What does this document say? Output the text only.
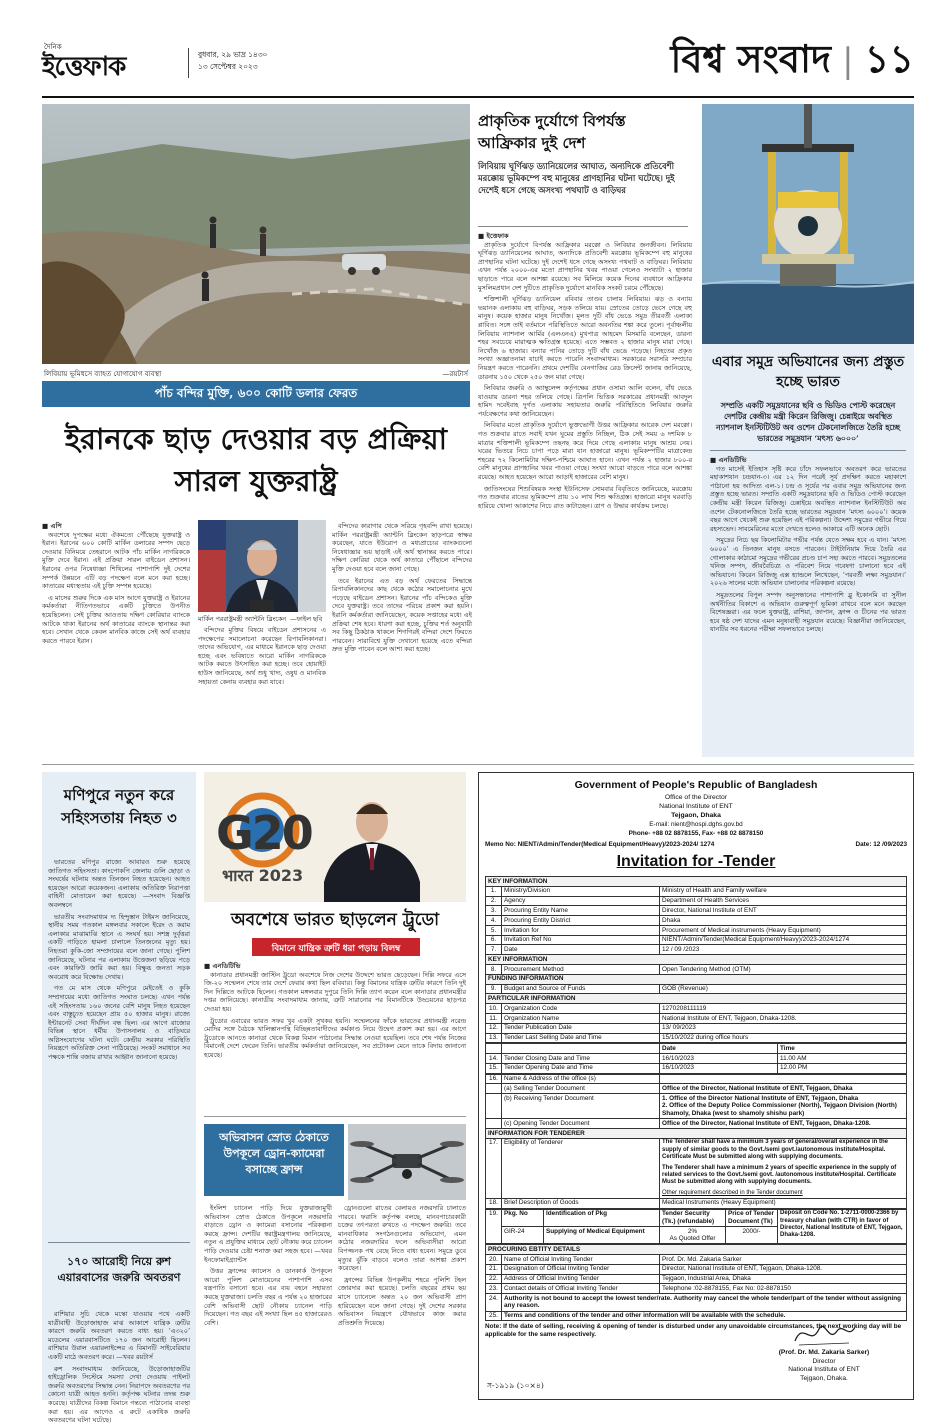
দৈনিক
ইত্তেফাক	বুধবার, ২৯ ভাদ্র ১৪৩০
১৩ সেপ্টেম্বর ২০২৩	বিশ্ব সংবাদ | ১১
লিবিয়ায় ভূমিধসে ব্যাহত যোগাযোগ ব্যবস্থা	—রয়টার্স
প্রাকৃতিক দুর্যোগে বিপর্যস্ত আফ্রিকার দুই দেশ
লিবিয়ায় ঘূর্ণিঝড় ড্যানিয়েলের আঘাত, অন্যদিকে প্রতিবেশী মরক্কোয় ভূমিকম্পে বহু মানুষের প্রাণহানির ঘটনা ঘটেছে। দুই দেশেই ধসে গেছে অসংখ্য পথঘাট ও বাড়িঘর
■ ইত্তেফাক

প্রাকৃতিক দুর্যোগে বিপর্যস্ত আফ্রিকার মরক্কো ও লিবিয়ার জনজীবন। লিবিয়ায় ঘূর্ণিঝড় ড্যানিয়েলের আঘাত, অন্যদিকে প্রতিবেশী মরক্কোয় ভূমিকম্পে বহু মানুষের প্রাণহানির ঘটনা ঘটেছে। দুই দেশেই ধসে গেছে অসংখ্য পথঘাট ও বাড়িঘর। লিবিয়ায় এখন পর্যন্ত ২০০০-এর মতো প্রাণহানির খবর পাওয়া গেলেও সংখ্যাটা ২ হাজার ছাড়াতে পারে বলে আশঙ্কা রয়েছে। সব মিলিয়ে কয়েক দিনের ব্যবধানে আফ্রিকার মুসলিমপ্রধান দেশ দুটিতে প্রাকৃতিক দুর্যোগে মানবিক সংকট চরমে পৌঁছেছে।

শক্তিশালী ঘূর্ণিঝড় ড্যানিয়েল রবিবার তাণ্ডব চালায় লিবিয়ায়। ঝড় ও বন্যায় ভয়ানক এলাকায় বহু বাড়িঘর, সড়ক তলিয়ে যায়। স্রোতের তোড়ে ভেসে গেছে বহু মানুষ। কয়েক হাজার মানুষ নিখোঁজ। মূলত দুটি বাঁধ ভেঙে সমুদ্র তীরবর্তী এলাকা প্লাবিত। সঙ্গে তাই বর্তমানে পরিস্থিতিতে আরো অবনতির শঙ্কা করে তুলে। পূর্বাঞ্চলীয় লিবিয়ায় ন্যাশনাল আর্মির (এলএনএ) মুখপাত্র আহমেদ মিসমারি বলেছেন, ডারনা শহর সবচেয়ে মারাত্মক ক্ষতিগ্রস্ত হয়েছে। এতে সম্ভবত ২ হাজার মানুষ মারা গেছে। নিখোঁজ ৬ হাজার। বন্যার পানির তোড়ে দুটি বাঁধ ভেঙে পড়েছে। নিহতের প্রকৃত সংখ্যা অজ্ঞাতনামা যাচাই করতে পারেনি সংবাদমাধ্যম। সরকারের সরাসরি সম্প্রচার নিয়ন্ত্রণ করতে পারেননি। প্রথমে দেশটির বেনগাজির রেড ক্রিসেন্ট জানায় জানিয়েছে, ডারনায় ১৫০ থেকে ২৫০ জন মারা গেছে।

লিবিয়ার জরুরি ও অ্যাম্বুলেন্স কর্তৃপক্ষের প্রধান ওসামা আলি বলেন, বাঁধ ভেঙে যাওয়ায় ডারনা শহর তলিয়ে গেছে। ত্রিপলি ভিত্তিক সরকারের প্রধানমন্ত্রী আবদুল হামিদ দবেইবাহ দুর্গত এলাকায় সহায়তার জরুরি পরিস্থিতিতে লিবিয়ার জরুরি পর্যবেক্ষণের কথা জানিয়েছেন।

লিবিয়ার মতো প্রাকৃতিক দুর্যোগে ভুক্তভোগী উত্তর আফ্রিকার আরেক দেশ মরক্কো। গত শুক্রবার রাতে সবাই যখন ঘুমের প্রস্তুতি নিচ্ছিল, ঠিক সেই সময় ৬ দশমিক ৮ মাত্রার শক্তিশালী ভূমিকম্পে তছনছ করে দিয়ে গেছে এলাকায় মানুষ আশ্রয় নেয়। ঘরের ভিতরে নিচে চাপা পড়ে মারা যান হাজারো মানুষ। ভূমিকম্পটির মাত্রাকেন্দ্র শহরের ৭২ কিলোমিটার দক্ষিণ-পশ্চিমে আঘাত হানে। এখন পর্যন্ত ২ হাজার ৮০০-র বেশি মানুষের প্রাণহানির খবর পাওয়া গেছে। সংখ্যা আরো বাড়তে পারে বলে আশঙ্কা রয়েছে। আহত হয়েছেন আরো আড়াই হাজারের বেশি মানুষ।

জাতিসংঘের শিশুবিষয়ক সংস্থা ইউনিসেফ সোমবার বিবৃতিতে জানিয়েছে, মরক্কোয় গত শুক্রবার রাতের ভূমিকম্পে প্রায় ১০ লাখ শিশু ক্ষতিগ্রস্ত। হাজারো মানুষ ঘরবাড়ি হারিয়ে খোলা আকাশের নিচে রাত কাটাচ্ছেন। ত্রাণ ও উদ্ধার কার্যক্রম চলছে।

এবার সমুদ্র অভিযানের জন্য প্রস্তুত হচ্ছে ভারত
সম্প্রতি একটি সমুদ্রযানের ছবি ও ভিডিও পোস্ট করেছেন দেশটির কেন্দ্রীয় মন্ত্রী কিরেন রিজিজু। চেন্নাইয়ে অবস্থিত ন্যাশনাল ইনস্টিটিউট অব ওশেন টেকনোলজিতে তৈরি হচ্ছে ভারতের সমুদ্রযান ‘মৎস্য ৬০০০’
■ এনডিটিভি

গত মাসেই ইতিহাস সৃষ্টি করে চাঁদে সফলভাবে অবতরণ করে ভারতের মহাকাশযান চন্দ্রযান-৩। এর ১২ দিন পরেই সূর্য প্রদক্ষিণ করতে মহাকাশে পাঠানো হয় আদিত্য এল-১। চন্দ্র ও সূর্যের পর এবার সমুদ্র অভিযানের জন্য প্রস্তুত হচ্ছে ভারত। সম্প্রতি একটি সমুদ্রযানের ছবি ও ভিডিও পোস্ট করেছেন কেন্দ্রীয় মন্ত্রী কিরেন রিজিজু। চেন্নাইয়ে অবস্থিত ন্যাশনাল ইনস্টিটিউট অব ওশেন টেকনোলজিতে তৈরি হচ্ছে ভারতের সমুদ্রযান ‘মৎস্য ৬০০০’। কয়েক বছর আগে থেকেই শুরু হয়েছিল এই পরিকল্পনা। উদ্দেশ্য সমুদ্রের গভীরে গিয়ে রহস্যভেদ। সাবমেরিনের মতো দেখতে হলেও আকারে এটি অনেক ছোট।

সমুদ্রের নিচে ছয় কিলোমিটার গভীর পর্যন্ত যেতে সক্ষম হবে এ যান। ‘মৎস্য ৬০০০’ এ তিনজন মানুষ বসতে পারবেন। টাইটানিয়াম দিয়ে তৈরি এর গোলাকার কাঠামো সমুদ্রের গভীরের প্রচণ্ড চাপ সহ্য করতে পারবে। সমুদ্রতলের খনিজ সম্পদ, জীববৈচিত্র্য ও পরিবেশ নিয়ে গবেষণা চালানো হবে এই অভিযানে। কিরেন রিজিজু এক্স হ্যান্ডলে লিখেছেন, ‘পরবর্তী লক্ষ্য সমুদ্রযান।’ ২০২৬ সালের মধ্যে অভিযান চালানোর পরিকল্পনা রয়েছে।

সমুদ্রতলের বিপুল সম্পদ অনুসন্ধানের পাশাপাশি ব্লু ইকোনমি বা সুনীল অর্থনীতির বিকাশে এ অভিযান গুরুত্বপূর্ণ ভূমিকা রাখবে বলে মনে করছেন বিশেষজ্ঞরা। এর ফলে যুক্তরাষ্ট্র, রাশিয়া, জাপান, ফ্রান্স ও চীনের পর ভারত হবে ষষ্ঠ দেশ যাদের এমন মনুষ্যবাহী সমুদ্রযান রয়েছে। বিজ্ঞানীরা জানিয়েছেন, যানটির সব ধরনের পরীক্ষা সফলভাবে চলছে।

পাঁচ বন্দির মুক্তি, ৬০০ কোটি ডলার ফেরত
ইরানকে ছাড় দেওয়ার বড় প্রক্রিয়া সারল যুক্তরাষ্ট্র
■ এপি

অবশেষে দুপক্ষের মধ্যে ঐকমত্যে পৌঁছেছে যুক্তরাষ্ট্র ও ইরান। ইরানের ৬০০ কোটি মার্কিন ডলারের সম্পদ ছেড়ে দেওয়ার বিনিময়ে তেহরানে আটক পাঁচ মার্কিন নাগরিককে মুক্তি দেবে ইরান। এই প্রক্রিয়া সারল বাইডেন প্রশাসন। ইরানের ওপর নিষেধাজ্ঞা শিথিলের পাশাপাশি দুই দেশের সম্পর্ক উন্নয়নে এটি বড় পদক্ষেপ বলে মনে করা হচ্ছে। কাতারের মধ্যস্থতায় এই চুক্তি সম্পন্ন হয়েছে।

এ মাসের শুরুর দিকে এক মাস আগে যুক্তরাষ্ট্র ও ইরানের কর্মকর্তারা নীতিগতভাবে একটি চুক্তিতে উপনীত হয়েছিলেন। সেই চুক্তির আওতায় দক্ষিণ কোরিয়ার ব্যাংকে আটকে থাকা ইরানের অর্থ কাতারের ব্যাংকে স্থানান্তর করা হবে। সেখান থেকে কেবল মানবিক কাজে সেই অর্থ ব্যবহার করতে পারবে ইরান।

মার্কিন পররাষ্ট্রমন্ত্রী অ্যান্টনি ব্লিংকেন —ফাইল ছবি

বন্দিদের মুক্তির বিষয়ে বাইডেন প্রশাসনের এ পদক্ষেপের সমালোচনা করেছেন রিপাবলিকানরা। তাদের অভিযোগ, এর মাধ্যমে ইরানকে ছাড় দেওয়া হচ্ছে এবং ভবিষ্যতে আরো মার্কিন নাগরিককে আটক করতে উৎসাহিত করা হচ্ছে। তবে হোয়াইট হাউস জানিয়েছে, অর্থ শুধু খাদ্য, ওষুধ ও মানবিক সহায়তা কেনায় ব্যবহার করা যাবে।

বন্দিদের কারাগার থেকে সরিয়ে গৃহবন্দি রাখা হয়েছে। মার্কিন পররাষ্ট্রমন্ত্রী অ্যান্টনি ব্লিংকেন ছাড়পত্রে স্বাক্ষর করেছেন, যাতে ইউরোপ ও মধ্যপ্রাচ্যের ব্যাংকগুলো নিষেধাজ্ঞার ভয় ছাড়াই এই অর্থ স্থানান্তর করতে পারে। দক্ষিণ কোরিয়া থেকে অর্থ কাতারে পৌঁছালে বন্দিদের মুক্তি দেওয়া হবে বলে জানা গেছে।

তবে ইরানের এত বড় অর্থ ফেরতের সিদ্ধান্তে রিপাবলিকানদের কাছ থেকে কঠোর সমালোচনার মুখে পড়েছে বাইডেন প্রশাসন। ইরানের পাঁচ বন্দিকেও মুক্তি দেবে যুক্তরাষ্ট্র। তবে তাদের পরিচয় প্রকাশ করা হয়নি। ইরানি কর্মকর্তারা জানিয়েছেন, কয়েক সপ্তাহের মধ্যে এই প্রক্রিয়া শেষ হবে। ধারণা করা হচ্ছে, চুক্তির শর্ত অনুযায়ী সব কিছু ঠিকঠাক থাকলে শিগগিরই বন্দিরা দেশে ফিরতে পারবেন। সারাবিশ্বে যুক্তি দেখানো হয়েছে এতে বন্দিরা দ্রুত মুক্তি পাবেন বলে আশা করা হচ্ছে।

মণিপুরে নতুন করে সহিংসতায় নিহত ৩

ভারতের মণিপুর রাজ্যে আবারও শুরু হয়েছে জাতিগত সহিংসতা। কাংপোকপি জেলায় গুলি ছোড়া ও সংঘর্ষের ঘটনায় অন্তত তিনজন নিহত হয়েছেন। আহত হয়েছেন আরো কয়েকজন। এলাকায় অতিরিক্ত নিরাপত্তা বাহিনী মোতায়েন করা হয়েছে। —সংবাদ বিজ্ঞপ্তি অবলম্বনে

ভারতীয় সংবাদমাধ্যম দ্য হিন্দুস্তান টাইমস জানিয়েছে, স্থানীয় সময় গতকাল মঙ্গলবার সকালে ইরেং ও করাম এলাকার মাঝামাঝি স্থানে এ সংঘর্ষ হয়। সশস্ত্র দুর্বৃত্তরা একটি গাড়িতে হামলা চালালে তিনজনের মৃত্যু হয়। নিহতরা কুকি-জো সম্প্রদায়ের বলে জানা গেছে। পুলিশ জানিয়েছে, ঘটনার পর এলাকায় উত্তেজনা ছড়িয়ে পড়ে এবং কারফিউ জারি করা হয়। বিক্ষুব্ধ জনতা সড়ক অবরোধ করে বিক্ষোভ দেখায়।

গত মে মাস থেকে মণিপুরে মেইতেই ও কুকি সম্প্রদায়ের মধ্যে জাতিগত সংঘাত চলছে। এখন পর্যন্ত এই সহিংসতায় ১৬০ জনের বেশি মানুষ নিহত হয়েছেন এবং বাস্তুচ্যুত হয়েছেন প্রায় ৫০ হাজার মানুষ। রাজ্যে ইন্টারনেট সেবা দীর্ঘদিন বন্ধ ছিল। এর আগে রাজ্যের বিভিন্ন স্থানে ধর্মীয় উপাসনালয় ও বাড়িঘরে অগ্নিসংযোগের ঘটনা ঘটে। কেন্দ্রীয় সরকার পরিস্থিতি নিয়ন্ত্রণে অতিরিক্ত সেনা পাঠিয়েছে। সংকট সমাধানে সব পক্ষকে শান্তি বজায় রাখার আহ্বান জানানো হয়েছে।

১৭০ আরোহী নিয়ে রুশ এয়ারবাসের জরুরি অবতরণ

রাশিয়ার সুচি থেকে মস্কো যাওয়ার পথে একটি যাত্রীবাহী উড়োজাহাজ মাঝ আকাশে যান্ত্রিক ত্রুটির কারণে জরুরি অবতরণ করতে বাধ্য হয়। ‘এ৩২০’ মডেলের এয়ারবাসটিতে ১৭০ জন আরোহী ছিলেন। রাশিয়ার উরাল এয়ারলাইন্সের এ বিমানটি সাইবেরিয়ার একটি মাঠে অবতরণ করে। —খবর রয়টার্স

রুশ সংবাদমাধ্যম জানিয়েছে, উড়োজাহাজটির হাইড্রোলিক সিস্টেমে সমস্যা দেখা দেওয়ায় পাইলট জরুরি অবতরণের সিদ্ধান্ত নেন। নিরাপদে অবতরণের পর কোনো যাত্রী আহত হননি। কর্তৃপক্ষ ঘটনার তদন্ত শুরু করেছে। যাত্রীদের বিকল্প বিমানে গন্তব্যে পাঠানোর ব্যবস্থা করা হয়। এর আগেও এ রুটে একাধিক জরুরি অবতরণের ঘটনা ঘটেছে।

G20
भारत 2023
অবশেষে ভারত ছাড়লেন ট্রুডো
বিমানে যান্ত্রিক ত্রুটি ধরা পড়ায় বিলম্ব
■ এনডিটিভি

কানাডার প্রধানমন্ত্রী জাস্টিন ট্রুডো অবশেষে নিজ দেশের উদ্দেশে ভারত ছেড়েছেন। দিল্লি সফরে এসে জি-২০ সম্মেলন শেষে তার দেশে ফেরার কথা ছিল রবিবার। কিন্তু বিমানের যান্ত্রিক ত্রুটির কারণে তিনি দুই দিন দিল্লিতে আটকে ছিলেন। গতকাল মঙ্গলবার দুপুরে তিনি দিল্লি ত্যাগ করেন বলে কানাডার প্রধানমন্ত্রীর দপ্তর জানিয়েছে। কানাডীয় সংবাদমাধ্যম জানায়, ত্রুটি সারানোর পর বিমানটিকে উড্ডয়নের ছাড়পত্র দেওয়া হয়।

ট্রুডোর এবারের ভারত সফর খুব একটা সুখকর হয়নি। সম্মেলনের ফাঁকে ভারতের প্রধানমন্ত্রী নরেন্দ্র মোদির সঙ্গে বৈঠকে খালিস্তানপন্থি বিচ্ছিন্নতাবাদীদের কর্মকাণ্ড নিয়ে উদ্বেগ প্রকাশ করা হয়। এর আগে ট্রুডোকে আনতে কানাডা থেকে বিকল্প বিমান পাঠানোর সিদ্ধান্ত নেওয়া হয়েছিল। তবে শেষ পর্যন্ত নিজের বিমানেই দেশে ফেরেন তিনি। ভারতীয় কর্মকর্তারা জানিয়েছেন, সব প্রটোকল মেনে তাকে বিদায় জানানো হয়েছে।

অভিবাসন স্রোত ঠেকাতে উপকূলে ড্রোন-ক্যামেরা বসাচ্ছে ফ্রান্স

ইংলিশ চ্যানেল পাড়ি দিয়ে যুক্তরাজ্যমুখী অভিবাসন স্রোত ঠেকাতে উপকূলে নজরদারি বাড়াতে ড্রোন ও ক্যামেরা বসানোর পরিকল্পনা করছে ফ্রান্স। দেশটির স্বরাষ্ট্রমন্ত্রণালয় জানিয়েছে, নতুন এ প্রযুক্তির মাধ্যমে ছোট নৌকায় করে চ্যানেল পাড়ি দেওয়ার চেষ্টা শনাক্ত করা সহজ হবে। —খবর ইনফোমাইগ্র্যান্টস

উত্তর ফ্রান্সের ক্যালেস ও ডানকার্ক উপকূলে আরো পুলিশ মোতায়েনের পাশাপাশি এসব যন্ত্রপাতি বসানো হবে। এর ব্যয় বহনে সহায়তা করছে যুক্তরাজ্য। চলতি বছর এ পর্যন্ত ২০ হাজারের বেশি অভিবাসী ছোট নৌকায় চ্যানেল পাড়ি দিয়েছেন। গত বছর এই সংখ্যা ছিল ৪৫ হাজারেরও বেশি।

ড্রোনগুলো রাতের বেলায়ও নজরদারি চালাতে পারবে। ফরাসি কর্তৃপক্ষ বলছে, মানবপাচারকারী চক্রের তৎপরতা রুখতে এ পদক্ষেপ জরুরি। তবে মানবাধিকার সংগঠনগুলোর অভিযোগ, এমন কঠোর নজরদারির ফলে অভিবাসীরা আরো বিপজ্জনক পথ বেছে নিতে বাধ্য হবেন। সমুদ্রে ডুবে মৃত্যুর ঝুঁকি বাড়বে বলেও তারা আশঙ্কা প্রকাশ করেছেন।

ফ্রান্সের বিভিন্ন উপকূলীয় শহরে পুলিশি টহল জোরদার করা হয়েছে। চলতি বছরের প্রথম ছয় মাসে চ্যানেলে অন্তত ২০ জন অভিবাসী প্রাণ হারিয়েছেন বলে জানা গেছে। দুই দেশের সরকার অভিবাসন নিয়ন্ত্রণে যৌথভাবে কাজ করার প্রতিশ্রুতি দিয়েছে।

Government of People's Republic of Bangladesh
Office of the Director
National Institute of ENT
Tejgaon, Dhaka
E-mail: nient@hospi.dghs.gov.bd
Phone- +88 02 8878155, Fax- +88 02 8878150
Memo No: NIENT/Admin/Tender(Medical Equipment/Heavy)/2023-2024/ 1274	Date: 12 /09/2023
Invitation for -Tender
KEY INFORMATION		
1.	Ministry/Division	Ministry of Health and Family welfare
2.	Agency	Department of Health Services
3.	Procuring Entity Name	Director, National Institute of ENT
4.	Procuring Entity District	Dhaka
5.	Invitation for	Procurement of Medical instruments (Heavy Equipment)
6.	Invitation Ref No	NIENT/Admin/Tender(Medical Equipment/Heavy)/2023-2024/1274
7.	Date	12 / 09 /2023
KEY INFORMATION		
8.	Procurement Method	Open Tendering Method (OTM)
FUNDING INFORMATION		
9.	Budget and Source of Funds	GOB (Revenue)
PARTICULAR INFORMATION		
10.	Organization Code	1270208111119
11.	Organization Name	National Institute of ENT, Tejgaon, Dhaka-1208.
12.	Tender Publication Date	13/ 09/2023
13.	Tender Last Selling Date and Time	15/10/2022 during office hours
		Date	Time
14.	Tender Closing Date and Time	16/10/2023	11.00 AM
15.	Tender Opening Date and Time	16/10/2023	12.00 PM
16.	Name & Address of the office (s)	
	(a) Selling Tender Document	Office of the Director, National Institute of ENT, Tejgaon, Dhaka
	(b) Receiving Tender Document	1. Office of the Director National Institute of ENT, Tejgaon, Dhaka
2. Office of the Deputy Police Commissioner (North), Tejgaon Division (North) Shamoly, Dhaka (west to shamoly shishu park)

	(c) Opening Tender Document	Office of the Director, National Institute of ENT, Tejgaon, Dhaka-1208.
INFORMATION FOR TENDERER		
17.	Eligibility of Tenderer	The Tenderer shall have a minimum 3 years of general/overall experience in the supply of similar goods to the Govt./semi govt./autonomous institute/Hospital. Certificate Must be submitted along with supplying documents.
The Tenderer shall have a minimum 2 years of specific experience in the supply of related services to the Govt./semi govt. /autonomous institute/Hospital. Certificate Must be submitted along with supplying documents.
Other requirement described in the Tender document

18.	Brief Description of Goods	Medical Instruments (Heavy Equipment)
19.	Pkg. No	Identification of Pkg	Tender Security (Tk.) (refundable)	Price of Tender Document (Tk)	Deposit on Code No. 1-2711-0000-2366 by treasury challan (with CTR) in favor of Director, National Institute of ENT, Tejgaon, Dhaka-1208.
	GIR-24	Supplying of Medical Equipment	2%
As Quoted Offer	2000/-	
PROCURING EBTITY DETAILS		
20.	Name of Official Inviting Tender	Prof. Dr. Md. Zakaria Sarker
21.	Designation of Official Inviting Tender	Director, National Institute of ENT, Tejgaon, Dhaka-1208.
22.	Address of Official Inviting Tender	Tejgaon, Industrial Area, Dhaka
23.	Contact details of Official Inviting Tender	Telephone :02-8878155, Fax No: 02-8878150
24.	Authority is not bound to accept the lowest tender/rate. Authority may cancel the whole tender/part of the tender without assigning any reason.	
25.	Terms and conditions of the tender and other information will be available with the schedule.	
Note: If the date of selling, receiving & opening of tender is disturbed under any unavoidable circumstances, the next working day will be applicable for the same respectively.
(Prof. Dr. Md. Zakaria Sarker)
Director
National Institute of ENT
Tejgaon, Dhaka.
স-১৯১৯ (১০×৪)
